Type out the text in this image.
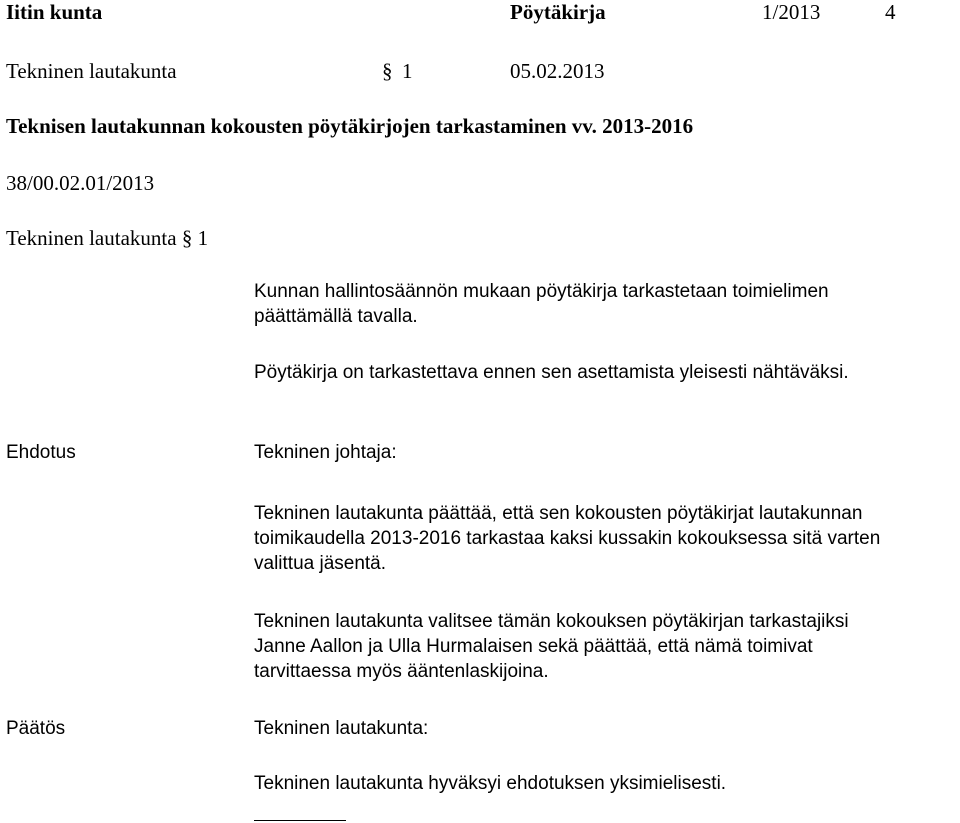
Iitin kunta	Pöytäkirja	1/2013	4
Tekninen lautakunta	§ 1	05.02.2013
Teknisen lautakunnan kokousten pöytäkirjojen tarkastaminen vv. 2013-2016
38/00.02.01/2013
Tekninen lautakunta § 1

Kunnan hallintosäännön mukaan pöytäkirja tarkastetaan toimielimen

päättämällä tavalla.

Pöytäkirja on tarkastettava ennen sen asettamista yleisesti nähtäväksi.

Ehdotus	Tekninen johtaja:

Tekninen lautakunta päättää, että sen kokousten pöytäkirjat lautakunnan

toimikaudella 2013-2016 tarkastaa kaksi kussakin kokouksessa sitä varten

valittua jäsentä.

Tekninen lautakunta valitsee tämän kokouksen pöytäkirjan tarkastajiksi

Janne Aallon ja Ulla Hurmalaisen sekä päättää, että nämä toimivat

tarvittaessa myös ääntenlaskijoina.

Päätös	Tekninen lautakunta:
Tekninen lautakunta hyväksyi ehdotuksen yksimielisesti.
